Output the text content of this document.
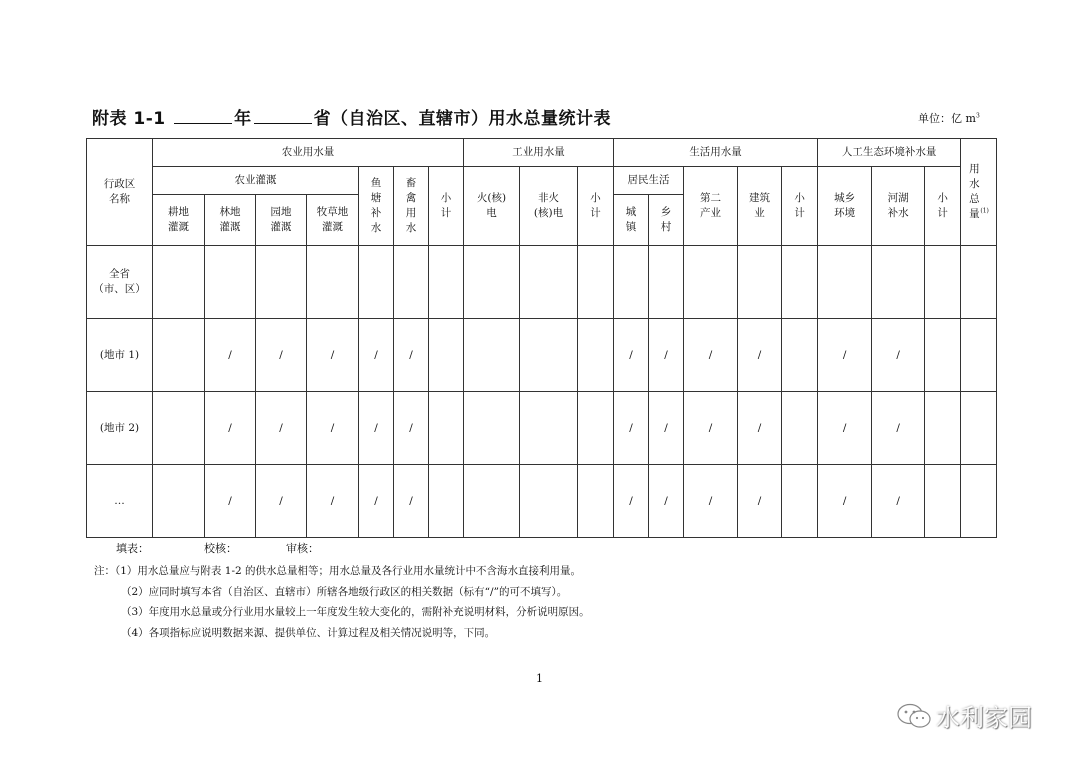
附表 1-1	年	省（自治区、直辖市）用水总量统计表	单位：亿 $m^3$
行政区名称	农业用水量							工业用水量			生活用水量					人工生态环境补水量			用水总量$^{(1)}$
	农业灌溉				鱼塘补水	畜禽用水	小计	火(核)电	非火(核)电	小计	居民生活		第二产业	建筑业	小计	城乡环境	河湖补水	小计	
	耕地灌溉	林地灌溉	园地灌溉	牧草地灌溉							城镇	乡村							

全省
（市、区）																			

(地市 1)		/	/	/	/	/					/	/	/	/		/	/		
(地市 2)		/	/	/	/	/					/	/	/	/		/	/		
…		/	/	/	/	/					/	/	/	/		/	/		
填表：	校核：	审核：
注：（1）用水总量应与附表 1-2 的供水总量相等；用水总量及各行业用水量统计中不含海水直接利用量。
（2）应同时填写本省（自治区、直辖市）所辖各地级行政区的相关数据（标有“/”的可不填写）。
（3）年度用水总量或分行业用水量较上一年度发生较大变化的，需附补充说明材料，分析说明原因。
（4）各项指标应说明数据来源、提供单位、计算过程及相关情况说明等，下同。
1
水利家园
